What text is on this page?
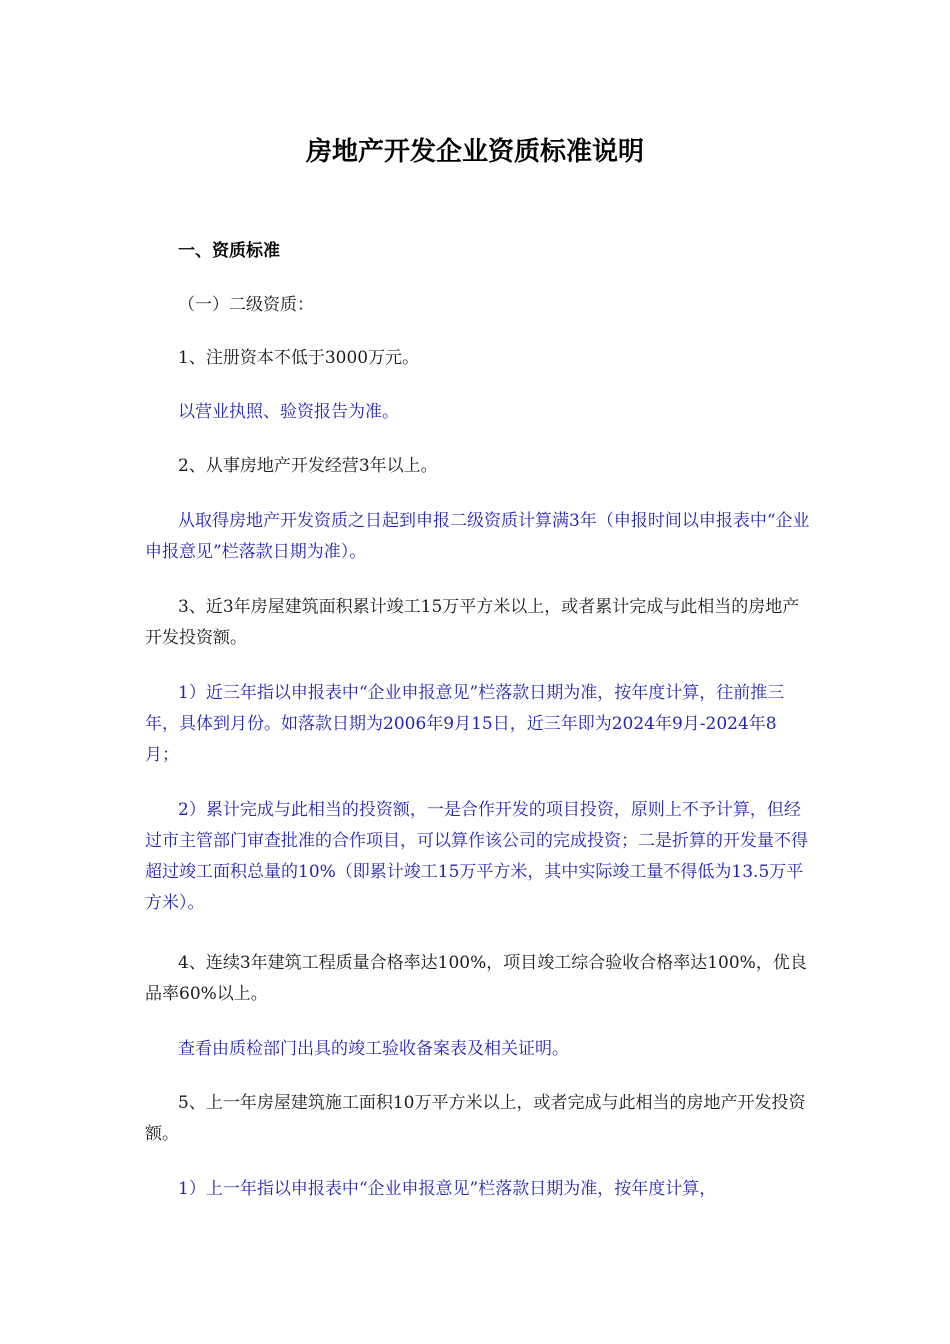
房地产开发企业资质标准说明
一、资质标准
（一）二级资质：
1、注册资本不低于3000万元。
以营业执照、验资报告为准。
2、从事房地产开发经营3年以上。
从取得房地产开发资质之日起到申报二级资质计算满3年（申报时间以申报表中“企业申报意见”栏落款日期为准）。
3、近3年房屋建筑面积累计竣工15万平方米以上，或者累计完成与此相当的房地产开发投资额。
1）近三年指以申报表中“企业申报意见”栏落款日期为准，按年度计算，往前推三年，具体到月份。如落款日期为2006年9月15日，近三年即为2024年9月-2024年8月；
2）累计完成与此相当的投资额，一是合作开发的项目投资，原则上不予计算，但经过市主管部门审查批准的合作项目，可以算作该公司的完成投资；二是折算的开发量不得超过竣工面积总量的10%（即累计竣工15万平方米，其中实际竣工量不得低为13.5万平方米）。
4、连续3年建筑工程质量合格率达100%，项目竣工综合验收合格率达100%，优良品率60%以上。
查看由质检部门出具的竣工验收备案表及相关证明。
5、上一年房屋建筑施工面积10万平方米以上，或者完成与此相当的房地产开发投资额。
1）上一年指以申报表中“企业申报意见”栏落款日期为准，按年度计算，
